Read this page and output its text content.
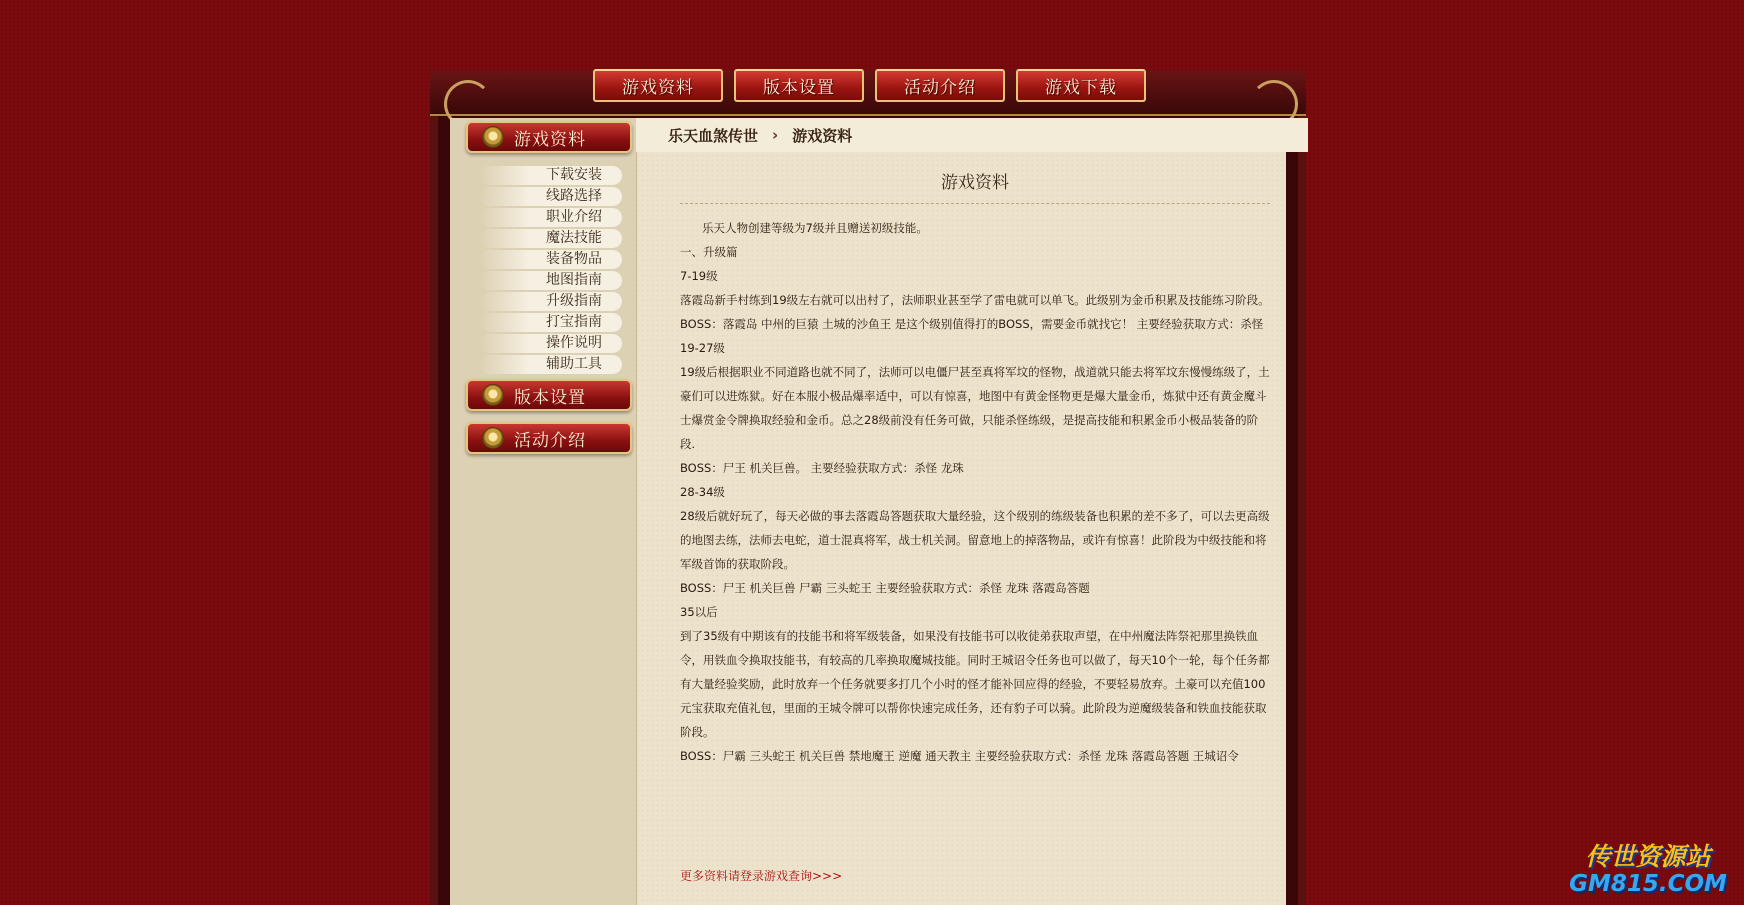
游戏资料	版本设置	活动介绍	游戏下载
游戏资料
下载安装
线路选择
职业介绍
魔法技能
装备物品
地图指南
升级指南
打宝指南
操作说明
辅助工具
版本设置
活动介绍
乐天血煞传世 › 游戏资料
游戏资料

乐天人物创建等级为7级并且赠送初级技能。

一、升级篇

7-19级

落霞岛新手村练到19级左右就可以出村了，法师职业甚至学了雷电就可以单飞。此级别为金币积累及技能练习阶段。

BOSS：落霞岛 中州的巨猿 土城的沙鱼王 是这个级别值得打的BOSS，需要金币就找它！ 主要经验获取方式：杀怪

19-27级

19级后根据职业不同道路也就不同了，法师可以电僵尸甚至真将军坟的怪物，战道就只能去将军坟东慢慢练级了，土豪们可以进炼狱。好在本服小极品爆率适中，可以有惊喜，地图中有黄金怪物更是爆大量金币，炼狱中还有黄金魔斗士爆赏金令牌换取经验和金币。总之28级前没有任务可做，只能杀怪练级，是提高技能和积累金币小极品装备的阶段.

BOSS：尸王 机关巨兽。 主要经验获取方式：杀怪 龙珠

28-34级

28级后就好玩了，每天必做的事去落霞岛答题获取大量经验，这个级别的练级装备也积累的差不多了，可以去更高级的地图去练，法师去电蛇，道士混真将军，战士机关洞。留意地上的掉落物品，或许有惊喜！此阶段为中级技能和将军级首饰的获取阶段。

BOSS：尸王 机关巨兽 尸霸 三头蛇王 主要经验获取方式：杀怪 龙珠 落霞岛答题

35以后

到了35级有中期该有的技能书和将军级装备，如果没有技能书可以收徒弟获取声望，在中州魔法阵祭祀那里换铁血令，用铁血令换取技能书，有较高的几率换取魔城技能。同时王城诏令任务也可以做了，每天10个一轮，每个任务都有大量经验奖励，此时放弃一个任务就要多打几个小时的怪才能补回应得的经验，不要轻易放弃。土豪可以充值100元宝获取充值礼包，里面的王城令牌可以帮你快速完成任务，还有豹子可以骑。此阶段为逆魔级装备和铁血技能获取阶段。

BOSS：尸霸 三头蛇王 机关巨兽 禁地魔王 逆魔 通天教主 主要经验获取方式：杀怪 龙珠 落霞岛答题 王城诏令

更多资料请登录游戏查询>>>
传世资源站
GM815.COM
